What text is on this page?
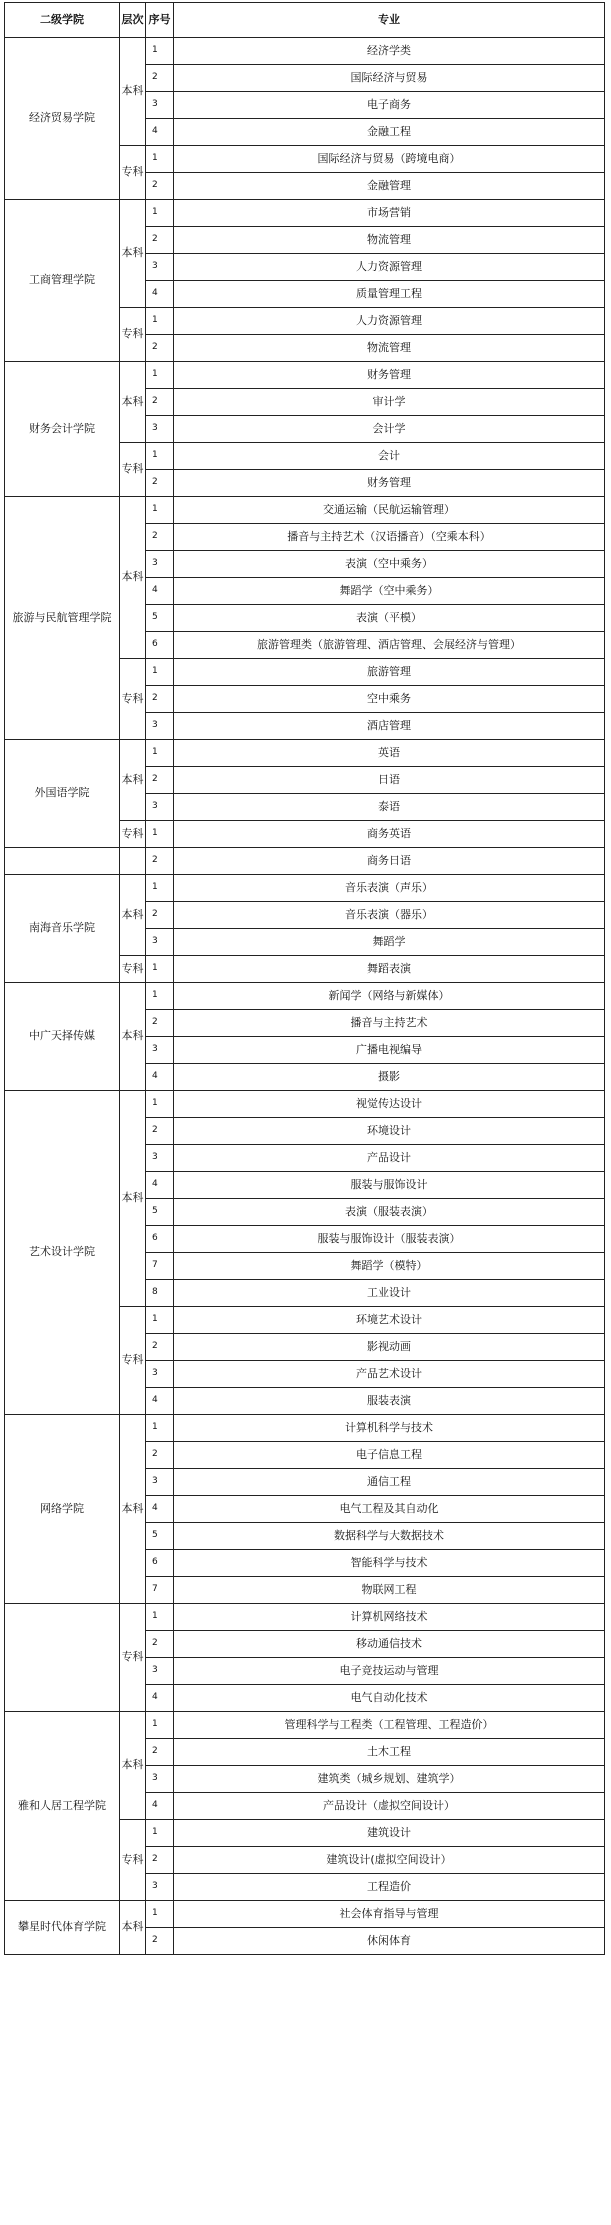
二级学院	层次	序号	专业
经济贸易学院	本科	1	经济学类
		2	国际经济与贸易
		3	电子商务
		4	金融工程
	专科	1	国际经济与贸易（跨境电商）
		2	金融管理
工商管理学院	本科	1	市场营销
		2	物流管理
		3	人力资源管理
		4	质量管理工程
	专科	1	人力资源管理
		2	物流管理
财务会计学院	本科	1	财务管理
		2	审计学
		3	会计学
	专科	1	会计
		2	财务管理
旅游与民航管理学院	本科	1	交通运输（民航运输管理）
		2	播音与主持艺术（汉语播音）（空乘本科）
		3	表演（空中乘务）
		4	舞蹈学（空中乘务）
		5	表演（平模）
		6	旅游管理类（旅游管理、酒店管理、会展经济与管理）
	专科	1	旅游管理
		2	空中乘务
		3	酒店管理
外国语学院	本科	1	英语
		2	日语
		3	泰语
	专科	1	商务英语
		2	商务日语
南海音乐学院	本科	1	音乐表演（声乐）
		2	音乐表演（器乐）
		3	舞蹈学
	专科	1	舞蹈表演
中广天择传媒	本科	1	新闻学（网络与新媒体）
		2	播音与主持艺术
		3	广播电视编导
		4	摄影
艺术设计学院	本科	1	视觉传达设计
		2	环境设计
		3	产品设计
		4	服装与服饰设计
		5	表演（服装表演）
		6	服装与服饰设计（服装表演）
		7	舞蹈学（模特）
		8	工业设计
	专科	1	环境艺术设计
		2	影视动画
		3	产品艺术设计
		4	服装表演
网络学院	本科	1	计算机科学与技术
		2	电子信息工程
		3	通信工程
		4	电气工程及其自动化
		5	数据科学与大数据技术
		6	智能科学与技术
		7	物联网工程
	专科	1	计算机网络技术
		2	移动通信技术
		3	电子竞技运动与管理
		4	电气自动化技术
雅和人居工程学院	本科	1	管理科学与工程类（工程管理、工程造价）
		2	土木工程
		3	建筑类（城乡规划、建筑学）
		4	产品设计（虚拟空间设计）
	专科	1	建筑设计
		2	建筑设计(虚拟空间设计）
		3	工程造价
攀星时代体育学院	本科	1	社会体育指导与管理
		2	休闲体育
